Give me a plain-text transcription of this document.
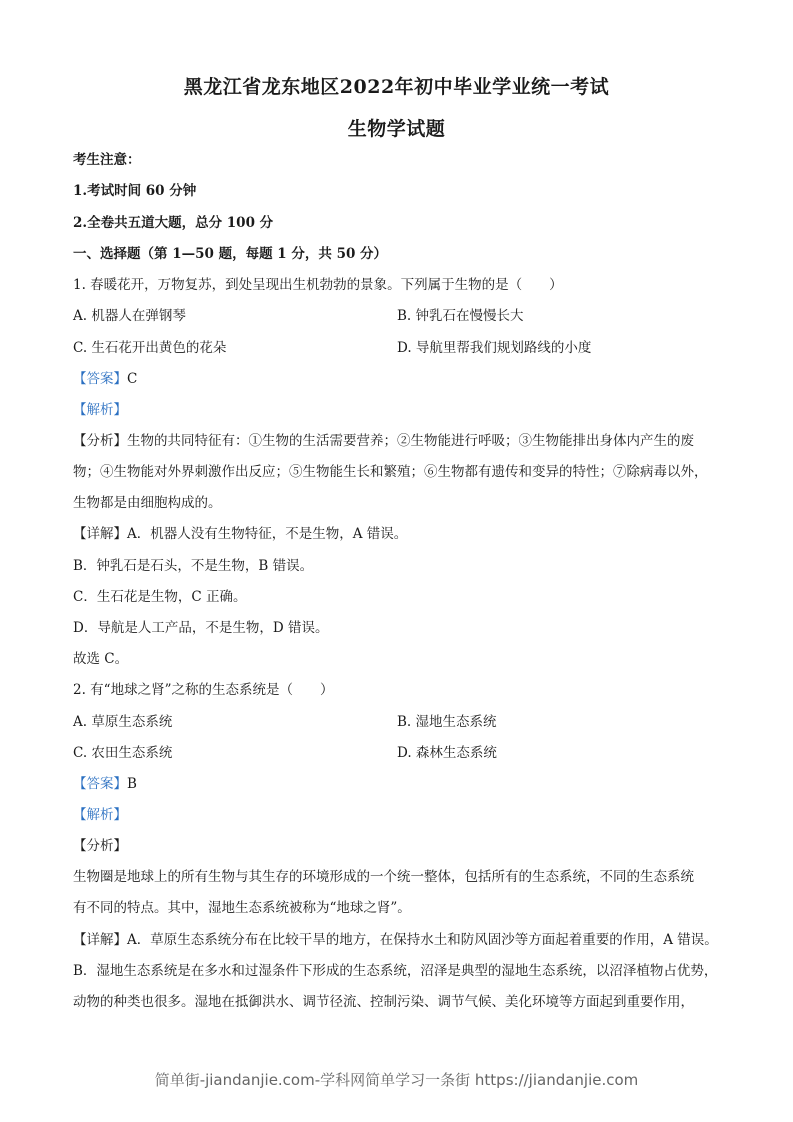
黑龙江省龙东地区2022年初中毕业学业统一考试
生物学试题
考生注意：
1.考试时间 60 分钟
2.全卷共五道大题，总分 100 分
一、选择题（第 1—50 题，每题 1 分，共 50 分）
1. 春暖花开，万物复苏，到处呈现出生机勃勃的景象。下列属于生物的是（　　）
A. 机器人在弹钢琴	B. 钟乳石在慢慢长大
C. 生石花开出黄色的花朵	D. 导航里帮我们规划路线的小度
【答案】C
【解析】
【分析】生物的共同特征有：①生物的生活需要营养；②生物能进行呼吸；③生物能排出身体内产生的废
物；④生物能对外界刺激作出反应；⑤生物能生长和繁殖；⑥生物都有遗传和变异的特性；⑦除病毒以外，
生物都是由细胞构成的。
【详解】A．机器人没有生物特征，不是生物，A 错误。
B．钟乳石是石头，不是生物，B 错误。
C．生石花是生物，C 正确。
D．导航是人工产品，不是生物，D 错误。
故选 C。
2. 有“地球之肾”之称的生态系统是（　　）
A. 草原生态系统	B. 湿地生态系统
C. 农田生态系统	D. 森林生态系统
【答案】B
【解析】
【分析】
生物圈是地球上的所有生物与其生存的环境形成的一个统一整体，包括所有的生态系统，不同的生态系统
有不同的特点。其中，湿地生态系统被称为“地球之肾”。
【详解】A．草原生态系统分布在比较干旱的地方，在保持水土和防风固沙等方面起着重要的作用，A 错误。
B．湿地生态系统是在多水和过湿条件下形成的生态系统，沼泽是典型的湿地生态系统，以沼泽植物占优势，
动物的种类也很多。湿地在抵御洪水、调节径流、控制污染、调节气候、美化环境等方面起到重要作用，
简单街-jiandanjie.com-学科网简单学习一条街 https://jiandanjie.com
